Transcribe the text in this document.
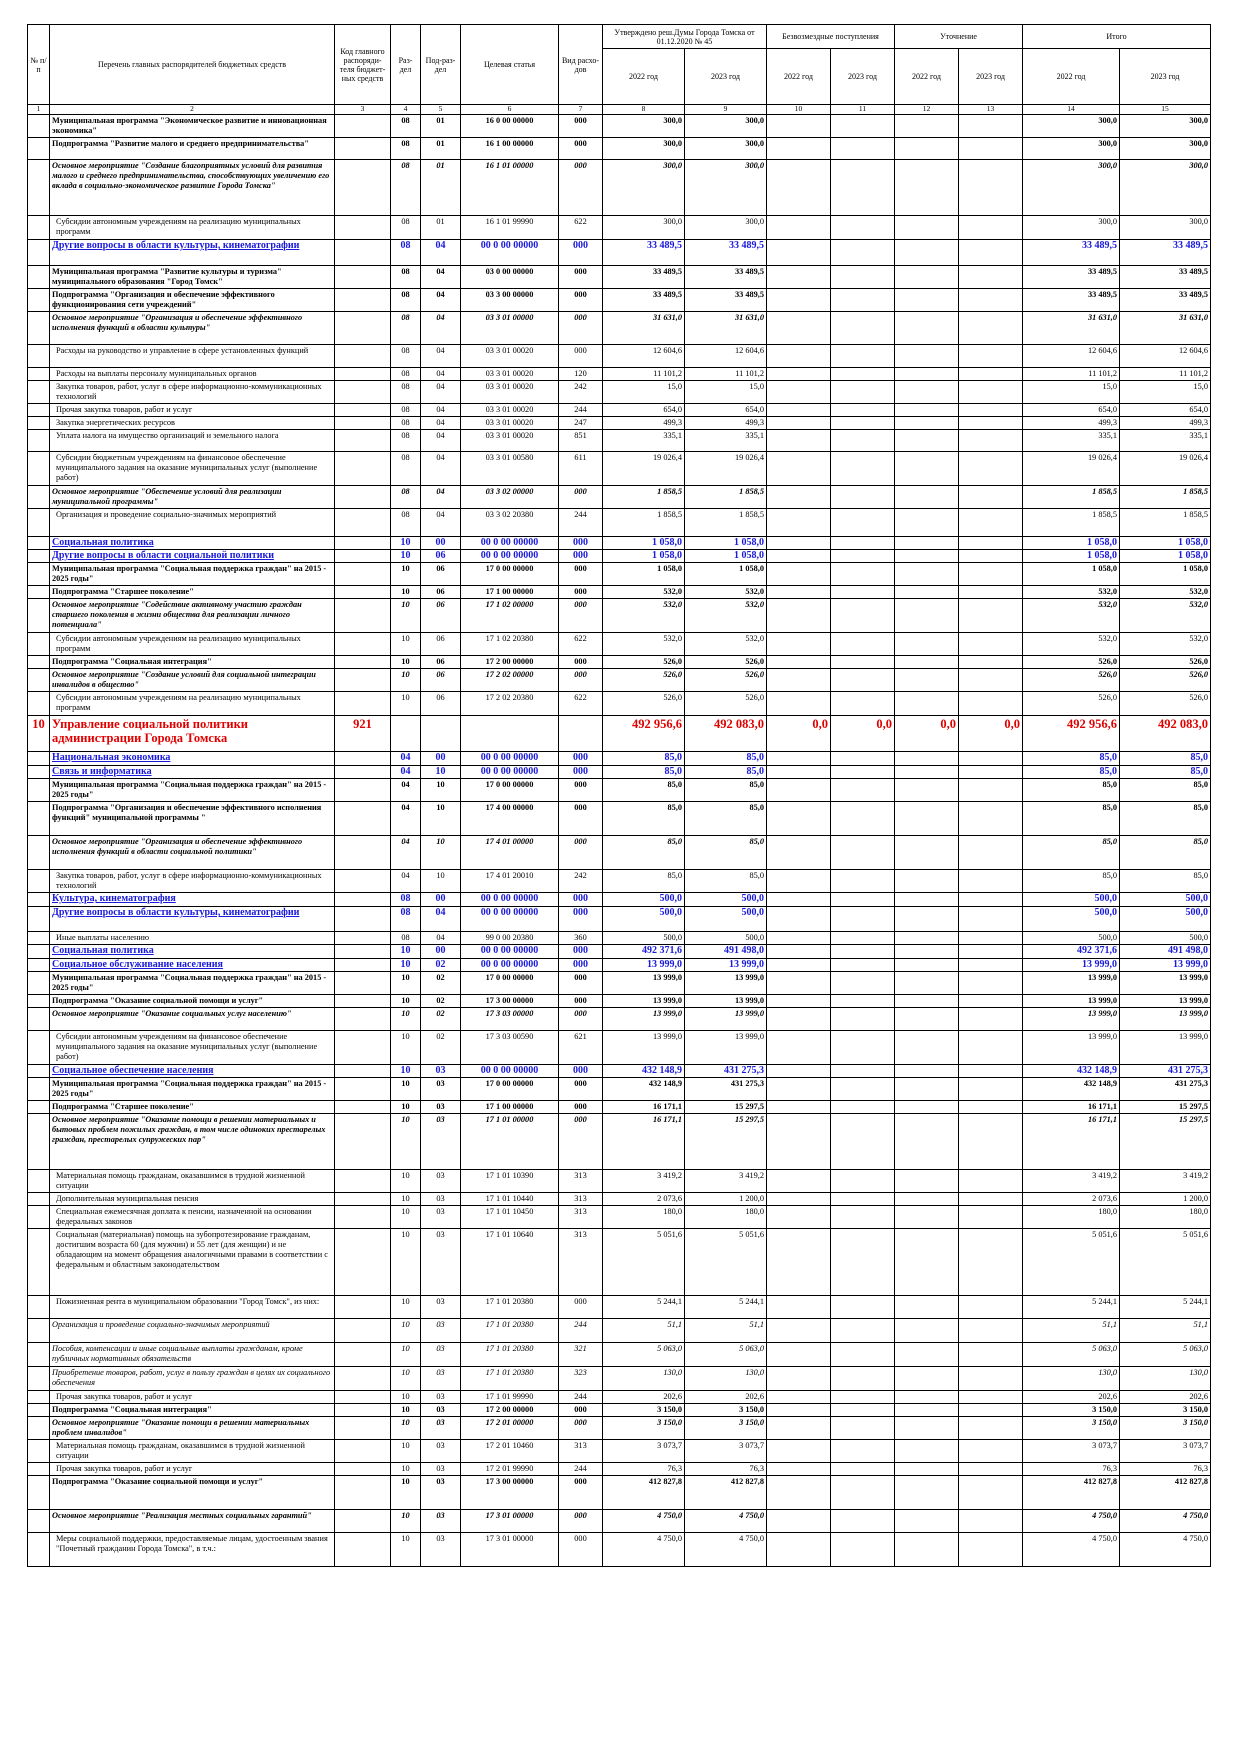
№ п/п	Перечень главных распорядителей бюджетных средств	Код главного распоряди-теля бюджет-ных средств	Раз-дел	Под-раз-дел	Целевая статья	Вид расхо-дов	Утверждено реш.Думы Города Томска от 01.12.2020 № 45		Безвозмездные поступления		Уточнение		Итого	
							2022 год	2023 год	2022 год	2023 год	2022 год	2023 год	2022 год	2023 год
1	2	3	4	5	6	7	8	9	10	11	12	13	14	15
	Муниципальная программа "Экономическое развитие и инновационная экономика"		08	01	16 0 00 00000	000	300,0	300,0					300,0	300,0
	Подпрограмма "Развитие малого и среднего предпринимательства"		08	01	16 1 00 00000	000	300,0	300,0					300,0	300,0
	Основное мероприятие "Создание благоприятных условий для развития малого и среднего предпринимательства, способствующих увеличению его вклада в социально-экономическое развитие Города Томска"		08	01	16 1 01 00000	000	300,0	300,0					300,0	300,0
	Субсидии автономным учреждениям на реализацию муниципальных программ		08	01	16 1 01 99990	622	300,0	300,0					300,0	300,0
	Другие вопросы в области культуры, кинематографии		08	04	00 0 00 00000	000	33 489,5	33 489,5					33 489,5	33 489,5
	Муниципальная программа "Развитие культуры и туризма" муниципального образования "Город Томск"		08	04	03 0 00 00000	000	33 489,5	33 489,5					33 489,5	33 489,5
	Подпрограмма "Организация и обеспечение эффективного функционирования сети учреждений"		08	04	03 3 00 00000	000	33 489,5	33 489,5					33 489,5	33 489,5
	Основное мероприятие "Организация и обеспечение эффективного исполнения функций в области культуры"		08	04	03 3 01 00000	000	31 631,0	31 631,0					31 631,0	31 631,0
	Расходы на руководство и управление в сфере установленных функций		08	04	03 3 01 00020	000	12 604,6	12 604,6					12 604,6	12 604,6
	Расходы на выплаты персоналу муниципальных органов		08	04	03 3 01 00020	120	11 101,2	11 101,2					11 101,2	11 101,2
	Закупка товаров, работ, услуг в сфере информационно-коммуникационных технологий		08	04	03 3 01 00020	242	15,0	15,0					15,0	15,0
	Прочая закупка товаров, работ и услуг		08	04	03 3 01 00020	244	654,0	654,0					654,0	654,0
	Закупка энергетических ресурсов		08	04	03 3 01 00020	247	499,3	499,3					499,3	499,3
	Уплата налога на имущество организаций и земельного налога		08	04	03 3 01 00020	851	335,1	335,1					335,1	335,1
	Субсидии бюджетным учреждениям на финансовое обеспечение муниципального задания на оказание муниципальных услуг (выполнение работ)		08	04	03 3 01 00580	611	19 026,4	19 026,4					19 026,4	19 026,4
	Основное мероприятие "Обеспечение условий для реализации муниципальной программы"		08	04	03 3 02 00000	000	1 858,5	1 858,5					1 858,5	1 858,5
	Организация и проведение социально-значимых мероприятий		08	04	03 3 02 20380	244	1 858,5	1 858,5					1 858,5	1 858,5
	Социальная политика		10	00	00 0 00 00000	000	1 058,0	1 058,0					1 058,0	1 058,0
	Другие вопросы в области социальной политики		10	06	00 0 00 00000	000	1 058,0	1 058,0					1 058,0	1 058,0
	Муниципальная программа "Социальная поддержка граждан" на 2015 - 2025 годы"		10	06	17 0 00 00000	000	1 058,0	1 058,0					1 058,0	1 058,0
	Подпрограмма "Старшее поколение"		10	06	17 1 00 00000	000	532,0	532,0					532,0	532,0
	Основное мероприятие "Содействие активному участию граждан старшего поколения в жизни общества для реализации личного потенциала"		10	06	17 1 02 00000	000	532,0	532,0					532,0	532,0
	Субсидии автономным учреждениям на реализацию муниципальных программ		10	06	17 1 02 20380	622	532,0	532,0					532,0	532,0
	Подпрограмма "Социальная интеграция"		10	06	17 2 00 00000	000	526,0	526,0					526,0	526,0
	Основное мероприятие "Создание условий для социальной интеграции инвалидов в общество"		10	06	17 2 02 00000	000	526,0	526,0					526,0	526,0
	Субсидии автономным учреждениям на реализацию муниципальных программ		10	06	17 2 02 20380	622	526,0	526,0					526,0	526,0
10	Управление социальной политики администрации Города Томска	921					492 956,6	492 083,0	0,0	0,0	0,0	0,0	492 956,6	492 083,0
	Национальная экономика		04	00	00 0 00 00000	000	85,0	85,0					85,0	85,0
	Связь и информатика		04	10	00 0 00 00000	000	85,0	85,0					85,0	85,0
	Муниципальная программа "Социальная поддержка граждан" на 2015 - 2025 годы"		04	10	17 0 00 00000	000	85,0	85,0					85,0	85,0
	Подпрограмма "Организация и обеспечение эффективного исполнения функций" муниципальной программы "		04	10	17 4 00 00000	000	85,0	85,0					85,0	85,0
	Основное мероприятие "Организация и обеспечение эффективного исполнения функций в области социальной политики"		04	10	17 4 01 00000	000	85,0	85,0					85,0	85,0
	Закупка товаров, работ, услуг в сфере информационно-коммуникационных технологий		04	10	17 4 01 20010	242	85,0	85,0					85,0	85,0
	Культура, кинематография		08	00	00 0 00 00000	000	500,0	500,0					500,0	500,0
	Другие вопросы в области культуры, кинематографии		08	04	00 0 00 00000	000	500,0	500,0					500,0	500,0
	Иные выплаты населению		08	04	99 0 00 20380	360	500,0	500,0					500,0	500,0
	Социальная политика		10	00	00 0 00 00000	000	492 371,6	491 498,0					492 371,6	491 498,0
	Социальное обслуживание населения		10	02	00 0 00 00000	000	13 999,0	13 999,0					13 999,0	13 999,0
	Муниципальная программа "Социальная поддержка граждан" на 2015 - 2025 годы"		10	02	17 0 00 00000	000	13 999,0	13 999,0					13 999,0	13 999,0
	Подпрограмма "Оказание социальной помощи и услуг"		10	02	17 3 00 00000	000	13 999,0	13 999,0					13 999,0	13 999,0
	Основное мероприятие "Оказание социальных услуг населению"		10	02	17 3 03 00000	000	13 999,0	13 999,0					13 999,0	13 999,0
	Субсидии автономным учреждениям на финансовое обеспечение муниципального задания на оказание муниципальных услуг (выполнение работ)		10	02	17 3 03 00590	621	13 999,0	13 999,0					13 999,0	13 999,0
	Социальное обеспечение населения		10	03	00 0 00 00000	000	432 148,9	431 275,3					432 148,9	431 275,3
	Муниципальная программа "Социальная поддержка граждан" на 2015 - 2025 годы"		10	03	17 0 00 00000	000	432 148,9	431 275,3					432 148,9	431 275,3
	Подпрограмма "Старшее поколение"		10	03	17 1 00 00000	000	16 171,1	15 297,5					16 171,1	15 297,5
	Основное мероприятие "Оказание помощи в решении материальных и бытовых проблем пожилых граждан, в том числе одиноких престарелых граждан, престарелых супружеских пар"		10	03	17 1 01 00000	000	16 171,1	15 297,5					16 171,1	15 297,5
	Материальная помощь гражданам, оказавшимся в трудной жизненной ситуации		10	03	17 1 01 10390	313	3 419,2	3 419,2					3 419,2	3 419,2
	Дополнительная муниципальная пенсия		10	03	17 1 01 10440	313	2 073,6	1 200,0					2 073,6	1 200,0
	Специальная ежемесячная доплата к пенсии, назначенной на основании федеральных законов		10	03	17 1 01 10450	313	180,0	180,0					180,0	180,0
	Социальная (материальная) помощь на зубопротезирование гражданам, достигшим возраста 60 (для мужчин) и 55 лет (для женщин) и не обладающим на момент обращения аналогичными правами в соответствии с федеральным и областным законодательством		10	03	17 1 01 10640	313	5 051,6	5 051,6					5 051,6	5 051,6
	Пожизненная рента в муниципальном образовании "Город Томск", из них:		10	03	17 1 01 20380	000	5 244,1	5 244,1					5 244,1	5 244,1
	Организация и проведение социально-значимых мероприятий		10	03	17 1 01 20380	244	51,1	51,1					51,1	51,1
	Пособия, компенсации и иные социальные выплаты гражданам, кроме публичных нормативных обязательств		10	03	17 1 01 20380	321	5 063,0	5 063,0					5 063,0	5 063,0
	Приобретение товаров, работ, услуг в пользу граждан в целях их социального обеспечения		10	03	17 1 01 20380	323	130,0	130,0					130,0	130,0
	Прочая закупка товаров, работ и услуг		10	03	17 1 01 99990	244	202,6	202,6					202,6	202,6
	Подпрограмма "Социальная интеграция"		10	03	17 2 00 00000	000	3 150,0	3 150,0					3 150,0	3 150,0
	Основное мероприятие "Оказание помощи в решении материальных проблем инвалидов"		10	03	17 2 01 00000	000	3 150,0	3 150,0					3 150,0	3 150,0
	Материальная помощь гражданам, оказавшимся в трудной жизненной ситуации		10	03	17 2 01 10460	313	3 073,7	3 073,7					3 073,7	3 073,7
	Прочая закупка товаров, работ и услуг		10	03	17 2 01 99990	244	76,3	76,3					76,3	76,3
	Подпрограмма "Оказание социальной помощи и услуг"		10	03	17 3 00 00000	000	412 827,8	412 827,8					412 827,8	412 827,8
	Основное мероприятие "Реализация местных социальных гарантий"		10	03	17 3 01 00000	000	4 750,0	4 750,0					4 750,0	4 750,0
	Меры социальной поддержки, предоставляемые лицам, удостоенным звания "Почетный гражданин Города Томска", в т.ч.:		10	03	17 3 01 00000	000	4 750,0	4 750,0					4 750,0	4 750,0
